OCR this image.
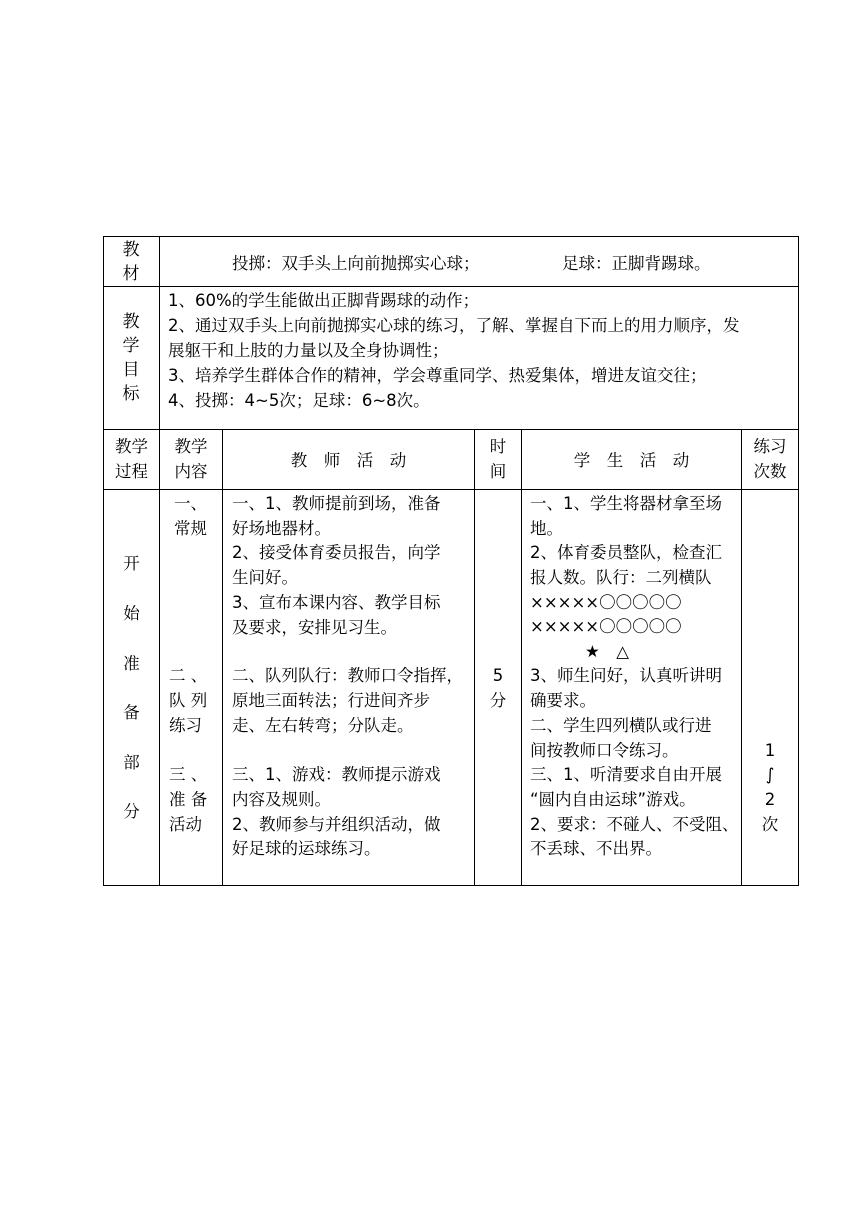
教材
投掷：双手头上向前抛掷实心球；	足球：正脚背踢球。
教学目标
1、60%的学生能做出正脚背踢球的动作；
2、通过双手头上向前抛掷实心球的练习，了解、掌握自下而上的用力顺序，发
展躯干和上肢的力量以及全身协调性；
3、培养学生群体合作的精神，学会尊重同学、热爱集体，增进友谊交往；
4、投掷：4~5次；足球：6~8次。
教学
过程
教学
内容
教　师　活　动
时
间
学　生　活　动
练习
次数
开
始
准
备
部
分
一、
常规
二 、
队 列
练习
三 、
准 备
活动
一、1、教师提前到场，准备
好场地器材。
2、接受体育委员报告，向学
生问好。
3、宣布本课内容、教学目标
及要求，安排见习生。
二、队列队行：教师口令指挥，
原地三面转法；行进间齐步
走、左右转弯；分队走。
三、1、游戏：教师提示游戏
内容及规则。
2、教师参与并组织活动，做
好足球的运球练习。
5
分
一、1、学生将器材拿至场
地。
2、体育委员整队，检查汇
报人数。队行：二列横队
×××××〇〇〇〇〇
×××××〇〇〇〇〇
★　△
3、师生问好，认真听讲明
确要求。
二、学生四列横队或行进
间按教师口令练习。
三、1、听清要求自由开展
“圆内自由运球”游戏。
2、要求：不碰人、不受阻、
不丢球、不出界。
1
∫
2
次
